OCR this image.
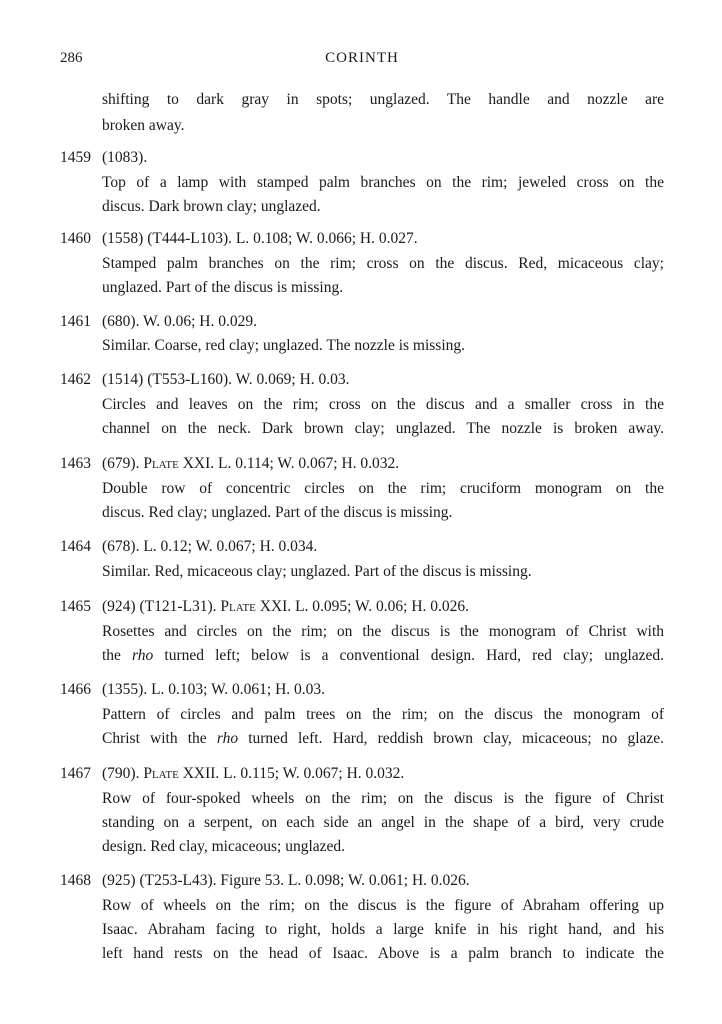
286	CORINTH
shifting to dark gray in spots; unglazed. The handle and nozzle are
broken away.
1459 (1083).
Top of a lamp with stamped palm branches on the rim; jeweled cross on the
discus. Dark brown clay; unglazed.
1460 (1558) (T444-L103). L. 0.108; W. 0.066; H. 0.027.
Stamped palm branches on the rim; cross on the discus. Red, micaceous clay;
unglazed. Part of the discus is missing.
1461 (680). W. 0.06; H. 0.029.
Similar. Coarse, red clay; unglazed. The nozzle is missing.
1462 (1514) (T553-L160). W. 0.069; H. 0.03.
Circles and leaves on the rim; cross on the discus and a smaller cross in the
channel on the neck. Dark brown clay; unglazed. The nozzle is broken away.
1463 (679). Plate XXI. L. 0.114; W. 0.067; H. 0.032.
Double row of concentric circles on the rim; cruciform monogram on the
discus. Red clay; unglazed. Part of the discus is missing.
1464 (678). L. 0.12; W. 0.067; H. 0.034.
Similar. Red, micaceous clay; unglazed. Part of the discus is missing.
1465 (924) (T121-L31). Plate XXI. L. 0.095; W. 0.06; H. 0.026.
Rosettes and circles on the rim; on the discus is the monogram of Christ with
the rho turned left; below is a conventional design. Hard, red clay; unglazed.
1466 (1355). L. 0.103; W. 0.061; H. 0.03.
Pattern of circles and palm trees on the rim; on the discus the monogram of
Christ with the rho turned left. Hard, reddish brown clay, micaceous; no glaze.
1467 (790). Plate XXII. L. 0.115; W. 0.067; H. 0.032.
Row of four-spoked wheels on the rim; on the discus is the figure of Christ
standing on a serpent, on each side an angel in the shape of a bird, very crude
design. Red clay, micaceous; unglazed.
1468 (925) (T253-L43). Figure 53. L. 0.098; W. 0.061; H. 0.026.
Row of wheels on the rim; on the discus is the figure of Abraham offering up
Isaac. Abraham facing to right, holds a large knife in his right hand, and his
left hand rests on the head of Isaac. Above is a palm branch to indicate the
